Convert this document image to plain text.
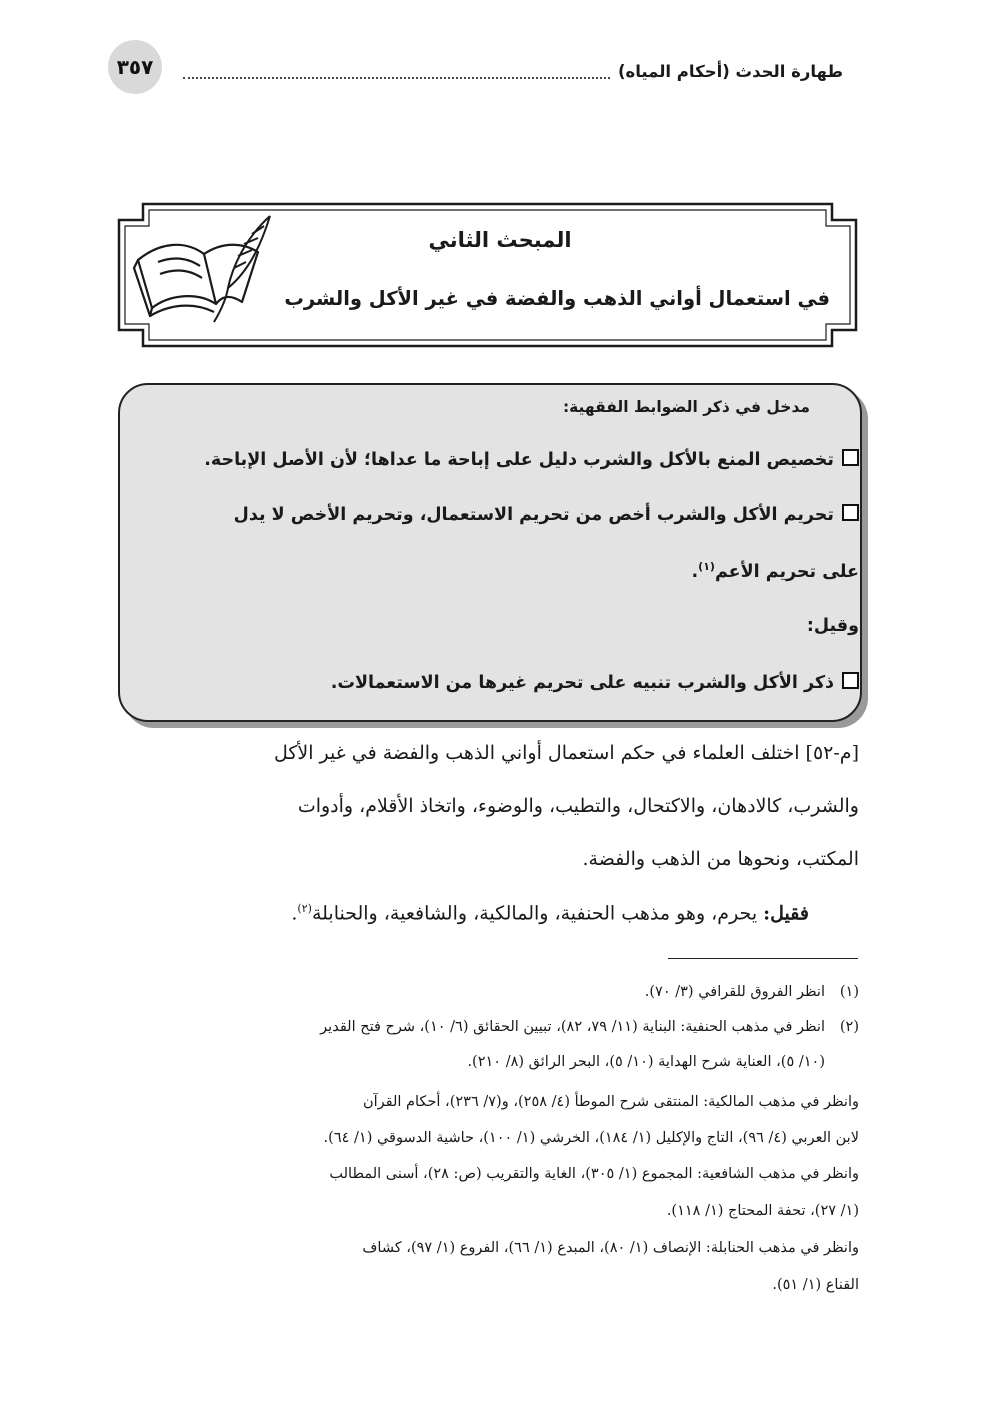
٣٥٧	طهارة الحدث (أحكام المياه)
المبحث الثاني
في استعمال أواني الذهب والفضة في غير الأكل والشرب
مدخل في ذكر الضوابط الفقهية:
تخصيص المنع بالأكل والشرب دليل على إباحة ما عداها؛ لأن الأصل الإباحة.
تحريم الأكل والشرب أخص من تحريم الاستعمال، وتحريم الأخص لا يدل
على تحريم الأعم$^{(١)}$.
وقيل:
ذكر الأكل والشرب تنبيه على تحريم غيرها من الاستعمالات.
[م-٥٢] اختلف العلماء في حكم استعمال أواني الذهب والفضة في غير الأكل
والشرب، كالادهان، والاكتحال، والتطيب، والوضوء، واتخاذ الأقلام، وأدوات
المكتب، ونحوها من الذهب والفضة.
فقيل: يحرم، وهو مذهب الحنفية، والمالكية، والشافعية، والحنابلة$^{(٢)}$.
(١)انظر الفروق للقرافي (٣/ ٧٠).
(٢)انظر في مذهب الحنفية: البناية (١١/ ٧٩، ٨٢)، تبيين الحقائق (٦/ ١٠)، شرح فتح القدير
(١٠/ ٥)، العناية شرح الهداية (١٠/ ٥)، البحر الرائق (٨/ ٢١٠).
وانظر في مذهب المالكية: المنتقى شرح الموطأ (٤/ ٢٥٨)، و(٧/ ٢٣٦)، أحكام القرآن
لابن العربي (٤/ ٩٦)، التاج والإكليل (١/ ١٨٤)، الخرشي (١/ ١٠٠)، حاشية الدسوقي (١/ ٦٤).
وانظر في مذهب الشافعية: المجموع (١/ ٣٠٥)، الغاية والتقريب (ص: ٢٨)، أسنى المطالب
(١/ ٢٧)، تحفة المحتاج (١/ ١١٨).
وانظر في مذهب الحنابلة: الإنصاف (١/ ٨٠)، المبدع (١/ ٦٦)، الفروع (١/ ٩٧)، كشاف
القناع (١/ ٥١).
